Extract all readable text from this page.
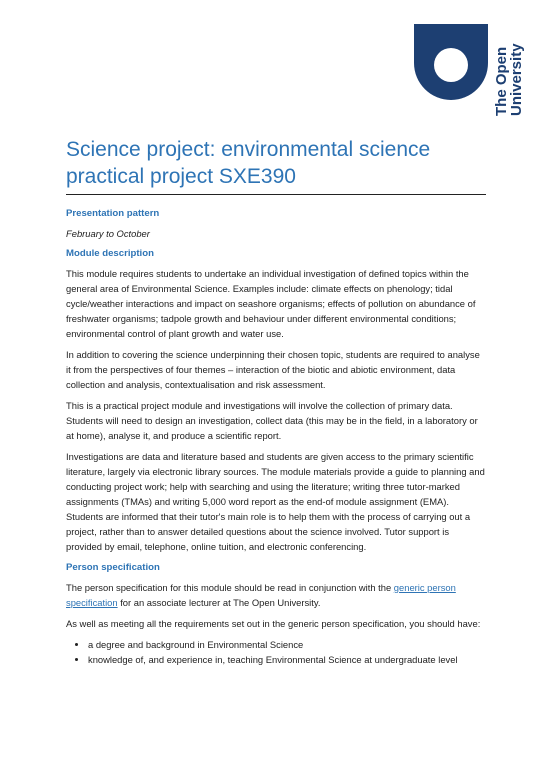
The Open
University
Science project: environmental science practical project SXE390
Presentation pattern
February to October
Module description

This module requires students to undertake an individual investigation of defined topics within the general area of Environmental Science. Examples include: climate effects on phenology; tidal cycle/weather interactions and impact on seashore organisms; effects of pollution on abundance of freshwater organisms; tadpole growth and behaviour under different environmental conditions; environmental control of plant growth and water use.

In addition to covering the science underpinning their chosen topic, students are required to analyse it from the perspectives of four themes – interaction of the biotic and abiotic environment, data collection and analysis, contextualisation and risk assessment.

This is a practical project module and investigations will involve the collection of primary data. Students will need to design an investigation, collect data (this may be in the field, in a laboratory or at home), analyse it, and produce a scientific report.

Investigations are data and literature based and students are given access to the primary scientific literature, largely via electronic library sources. The module materials provide a guide to planning and conducting project work; help with searching and using the literature; writing three tutor-marked assignments (TMAs) and writing 5,000 word report as the end-of module assignment (EMA). Students are informed that their tutor's main role is to help them with the process of carrying out a project, rather than to answer detailed questions about the science involved. Tutor support is provided by email, telephone, online tuition, and electronic conferencing.

Person specification

The person specification for this module should be read in conjunction with the generic person specification for an associate lecturer at The Open University.

As well as meeting all the requirements set out in the generic person specification, you should have:

• a degree and background in Environmental Science
• knowledge of, and experience in, teaching Environmental Science at undergraduate level
